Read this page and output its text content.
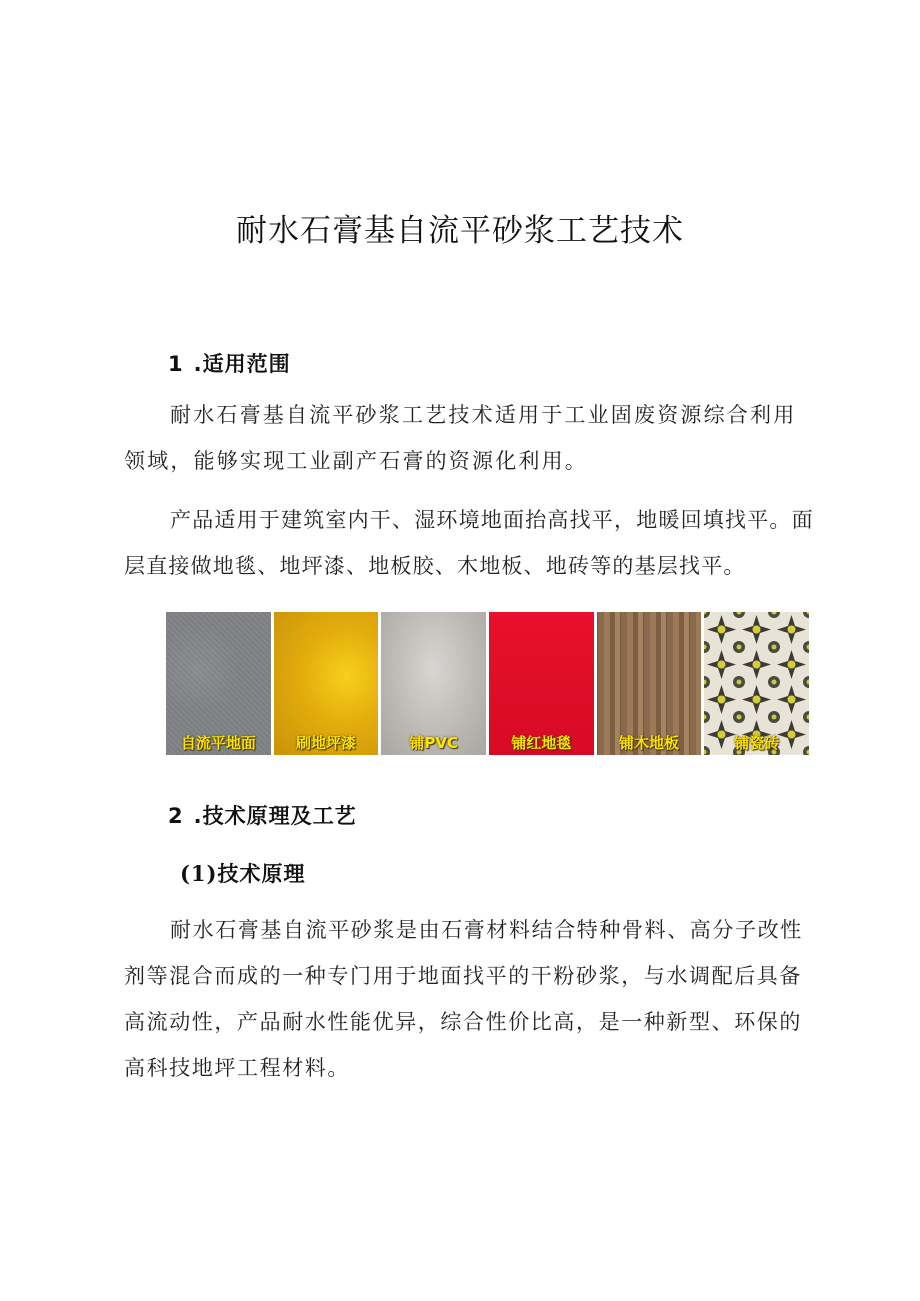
耐水石膏基自流平砂浆工艺技术
1 .适用范围

耐水石膏基自流平砂浆工艺技术适用于工业固废资源综合利用领域，能够实现工业副产石膏的资源化利用。

产品适用于建筑室内干、湿环境地面抬高找平，地暖回填找平。面层直接做地毯、地坪漆、地板胶、木地板、地砖等的基层找平。

自流平地面	刷地坪漆	铺PVC	铺红地毯	铺木地板	铺瓷砖
2 .技术原理及工艺
(1)技术原理

耐水石膏基自流平砂浆是由石膏材料结合特种骨料、高分子改性剂等混合而成的一种专门用于地面找平的干粉砂浆，与水调配后具备高流动性，产品耐水性能优异，综合性价比高，是一种新型、环保的高科技地坪工程材料。
